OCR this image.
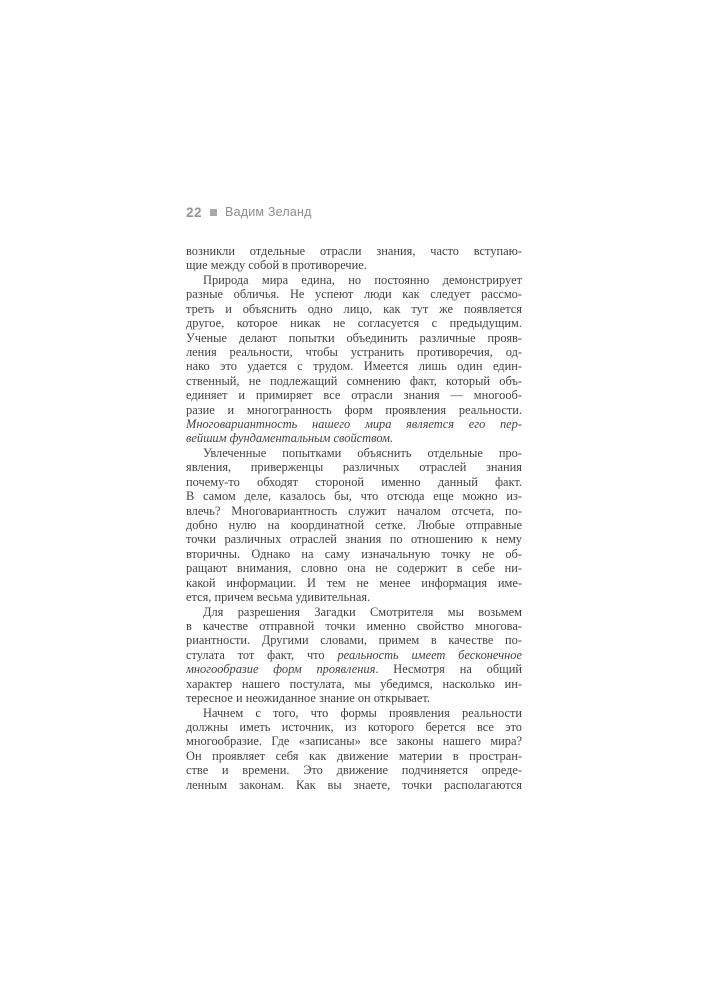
22 Вадим Зеланд
возникли отдельные отрасли знания, часто вступаю-
щие между собой в противоречие.
Природа мира едина, но постоянно демонстрирует
разные обличья. Не успеют люди как следует рассмо-
треть и объяснить одно лицо, как тут же появляется
другое, которое никак не согласуется с предыдущим.
Ученые делают попытки объединить различные прояв-
ления реальности, чтобы устранить противоречия, од-
нако это удается с трудом. Имеется лишь один един-
ственный, не подлежащий сомнению факт, который объ-
единяет и примиряет все отрасли знания — многооб-
разие и многогранность форм проявления реальности.
Многовариантность нашего мира является его пер-
вейшим фундаментальным свойством.
Увлеченные попытками объяснить отдельные про-
явления, приверженцы различных отраслей знания
почему-то обходят стороной именно данный факт.
В самом деле, казалось бы, что отсюда еще можно из-
влечь? Многовариантность служит началом отсчета, по-
добно нулю на координатной сетке. Любые отправные
точки различных отраслей знания по отношению к нему
вторичны. Однако на саму изначальную точку не об-
ращают внимания, словно она не содержит в себе ни-
какой информации. И тем не менее информация име-
ется, причем весьма удивительная.
Для разрешения Загадки Смотрителя мы возьмем
в качестве отправной точки именно свойство многова-
риантности. Другими словами, примем в качестве по-
стулата тот факт, что реальность имеет бесконечное
многообразие форм проявления. Несмотря на общий
характер нашего постулата, мы убедимся, насколько ин-
тересное и неожиданное знание он открывает.
Начнем с того, что формы проявления реальности
должны иметь источник, из которого берется все это
многообразие. Где «записаны» все законы нашего мира?
Он проявляет себя как движение материи в простран-
стве и времени. Это движение подчиняется опреде-
ленным законам. Как вы знаете, точки располагаются
